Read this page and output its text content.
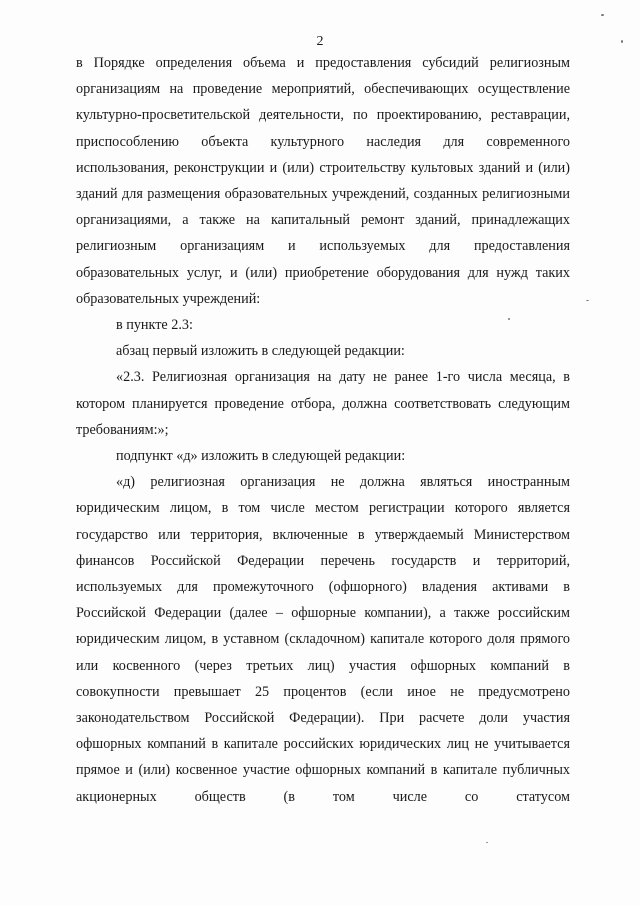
2

в Порядке определения объема и предоставления субсидий религиозным организациям на проведение мероприятий, обеспечивающих осуществление культурно-просветительской деятельности, по проектированию, реставрации, приспособлению объекта культурного наследия для современного использования, реконструкции и (или) строительству культовых зданий и (или) зданий для размещения образовательных учреждений, созданных религиозными организациями, а также на капитальный ремонт зданий, принадлежащих религиозным организациям и используемых для предоставления образовательных услуг, и (или) приобретение оборудования для нужд таких образовательных учреждений:

в пункте 2.3:

абзац первый изложить в следующей редакции:

«2.3. Религиозная организация на дату не ранее 1-го числа месяца, в котором планируется проведение отбора, должна соответствовать следующим требованиям:»;

подпункт «д» изложить в следующей редакции:

«д) религиозная организация не должна являться иностранным юридическим лицом, в том числе местом регистрации которого является государство или территория, включенные в утверждаемый Министерством финансов Российской Федерации перечень государств и территорий, используемых для промежуточного (офшорного) владения активами в Российской Федерации (далее – офшорные компании), а также российским юридическим лицом, в уставном (складочном) капитале которого доля прямого или косвенного (через третьих лиц) участия офшорных компаний в совокупности превышает 25 процентов (если иное не предусмотрено законодательством Российской Федерации). При расчете доли участия офшорных компаний в капитале российских юридических лиц не учитывается прямое и (или) косвенное участие офшорных компаний в капитале публичных акционерных обществ (в том числе со статусом
